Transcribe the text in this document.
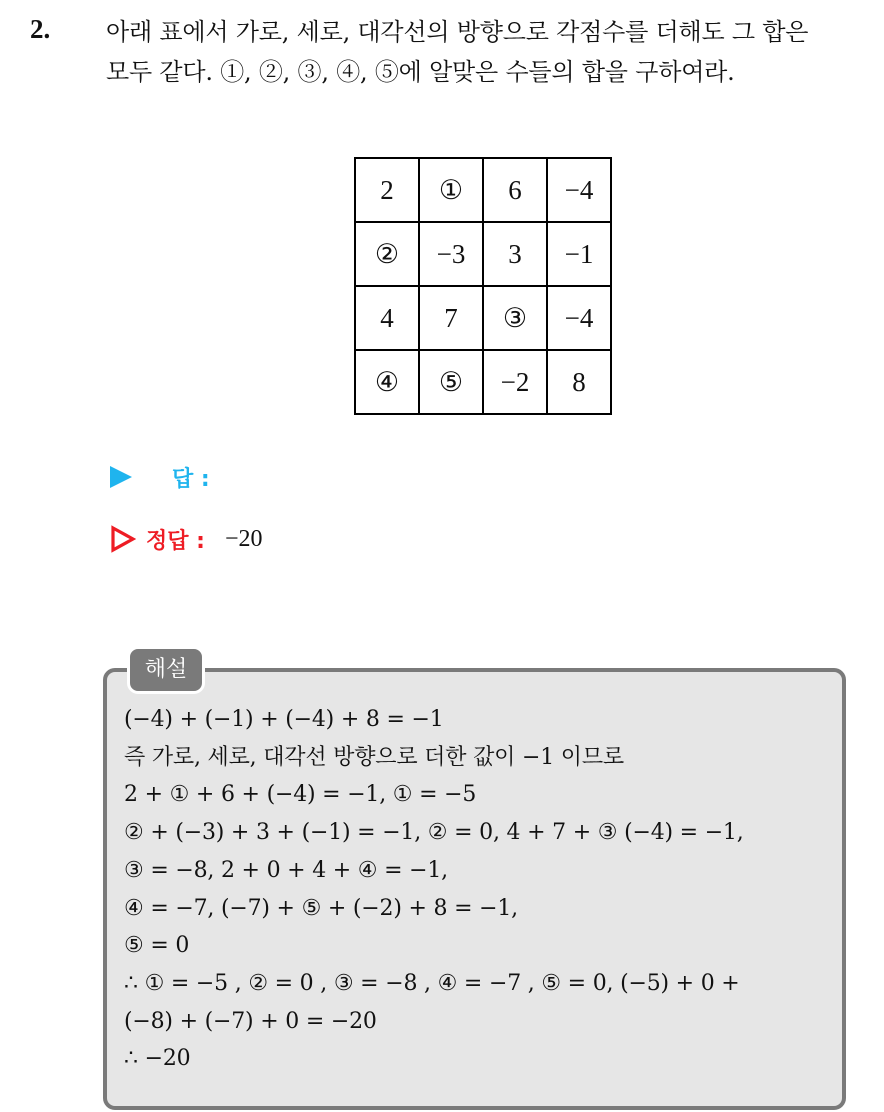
2. 아래 표에서 가로, 세로, 대각선의 방향으로 각점수를 더해도 그 합은
모두 같다. ①, ②, ③, ④, ⑤에 알맞은 수들의 합을 구하여라.
2	①	6	−4
②	−3	3	−1
4	7	③	−4
④	⑤	−2	8
답 :
정답 : −20
해설
(−4) + (−1) + (−4) + 8 = −1
즉 가로, 세로, 대각선 방향으로 더한 값이 −1 이므로
2 + ① + 6 + (−4) = −1, ① = −5
② + (−3) + 3 + (−1) = −1, ② = 0, 4 + 7 + ③ (−4) = −1,
③ = −8, 2 + 0 + 4 + ④ = −1,
④ = −7, (−7) + ⑤ + (−2) + 8 = −1,
⑤ = 0
∴ ① = −5 , ② = 0 , ③ = −8 , ④ = −7 , ⑤ = 0, (−5) + 0 +
(−8) + (−7) + 0 = −20
∴ −20
